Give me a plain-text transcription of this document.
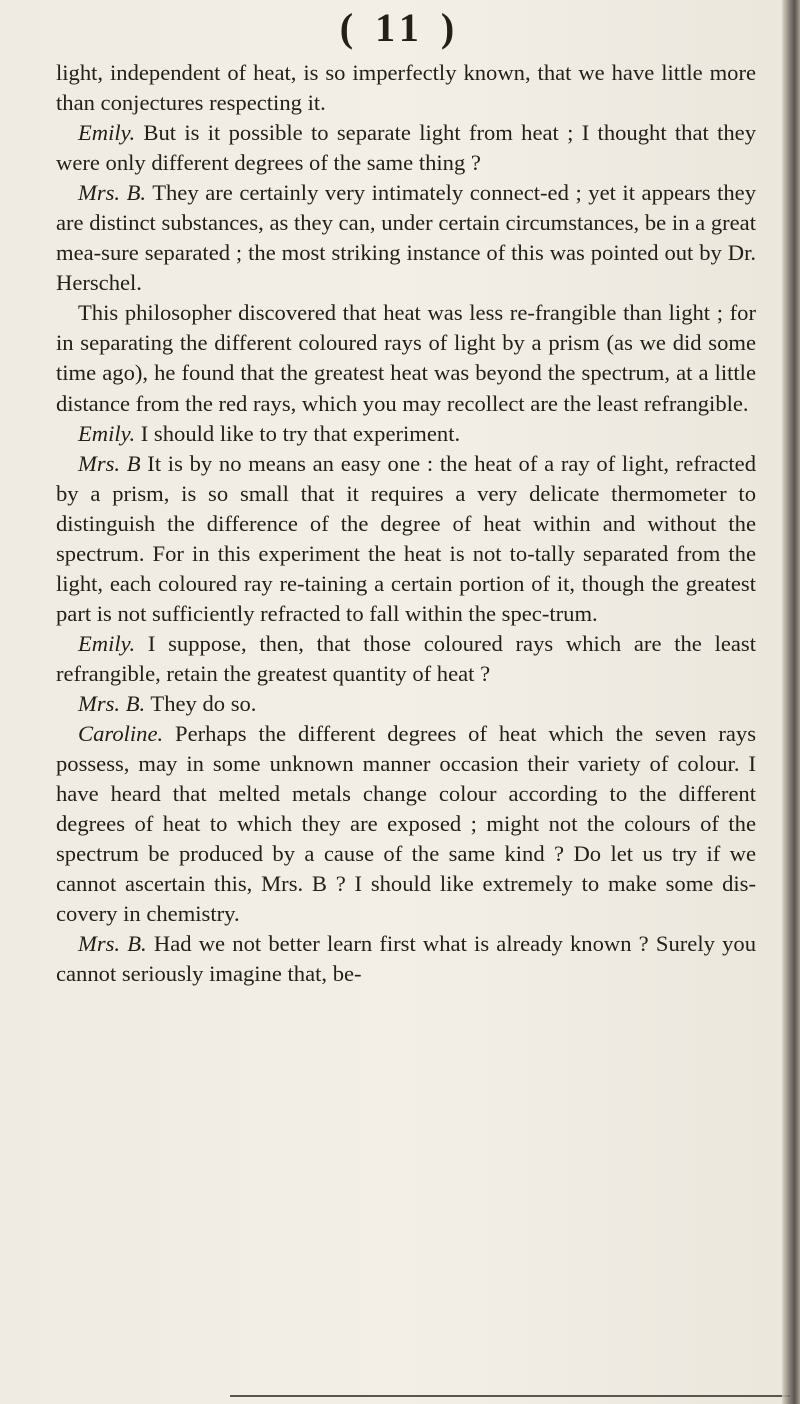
( 11 )

light, independent of heat, is so imperfectly known, that we have little more than conjectures respecting it.

Emily. But is it possible to separate light from heat ; I thought that they were only different degrees of the same thing ?

Mrs. B. They are certainly very intimately connect-ed ; yet it appears they are distinct substances, as they can, under certain circumstances, be in a great mea-sure separated ; the most striking instance of this was pointed out by Dr. Herschel.

This philosopher discovered that heat was less re-frangible than light ; for in separating the different coloured rays of light by a prism (as we did some time ago), he found that the greatest heat was beyond the spectrum, at a little distance from the red rays, which you may recollect are the least refrangible.

Emily. I should like to try that experiment.

Mrs. B It is by no means an easy one : the heat of a ray of light, refracted by a prism, is so small that it requires a very delicate thermometer to distinguish the difference of the degree of heat within and without the spectrum. For in this experiment the heat is not to-tally separated from the light, each coloured ray re-taining a certain portion of it, though the greatest part is not sufficiently refracted to fall within the spec-trum.

Emily. I suppose, then, that those coloured rays which are the least refrangible, retain the greatest quantity of heat ?

Mrs. B. They do so.

Caroline. Perhaps the different degrees of heat which the seven rays possess, may in some unknown manner occasion their variety of colour. I have heard that melted metals change colour according to the different degrees of heat to which they are exposed ; might not the colours of the spectrum be produced by a cause of the same kind ? Do let us try if we cannot ascertain this, Mrs. B ? I should like extremely to make some dis-covery in chemistry.

Mrs. B. Had we not better learn first what is already known ? Surely you cannot seriously imagine that, be-
